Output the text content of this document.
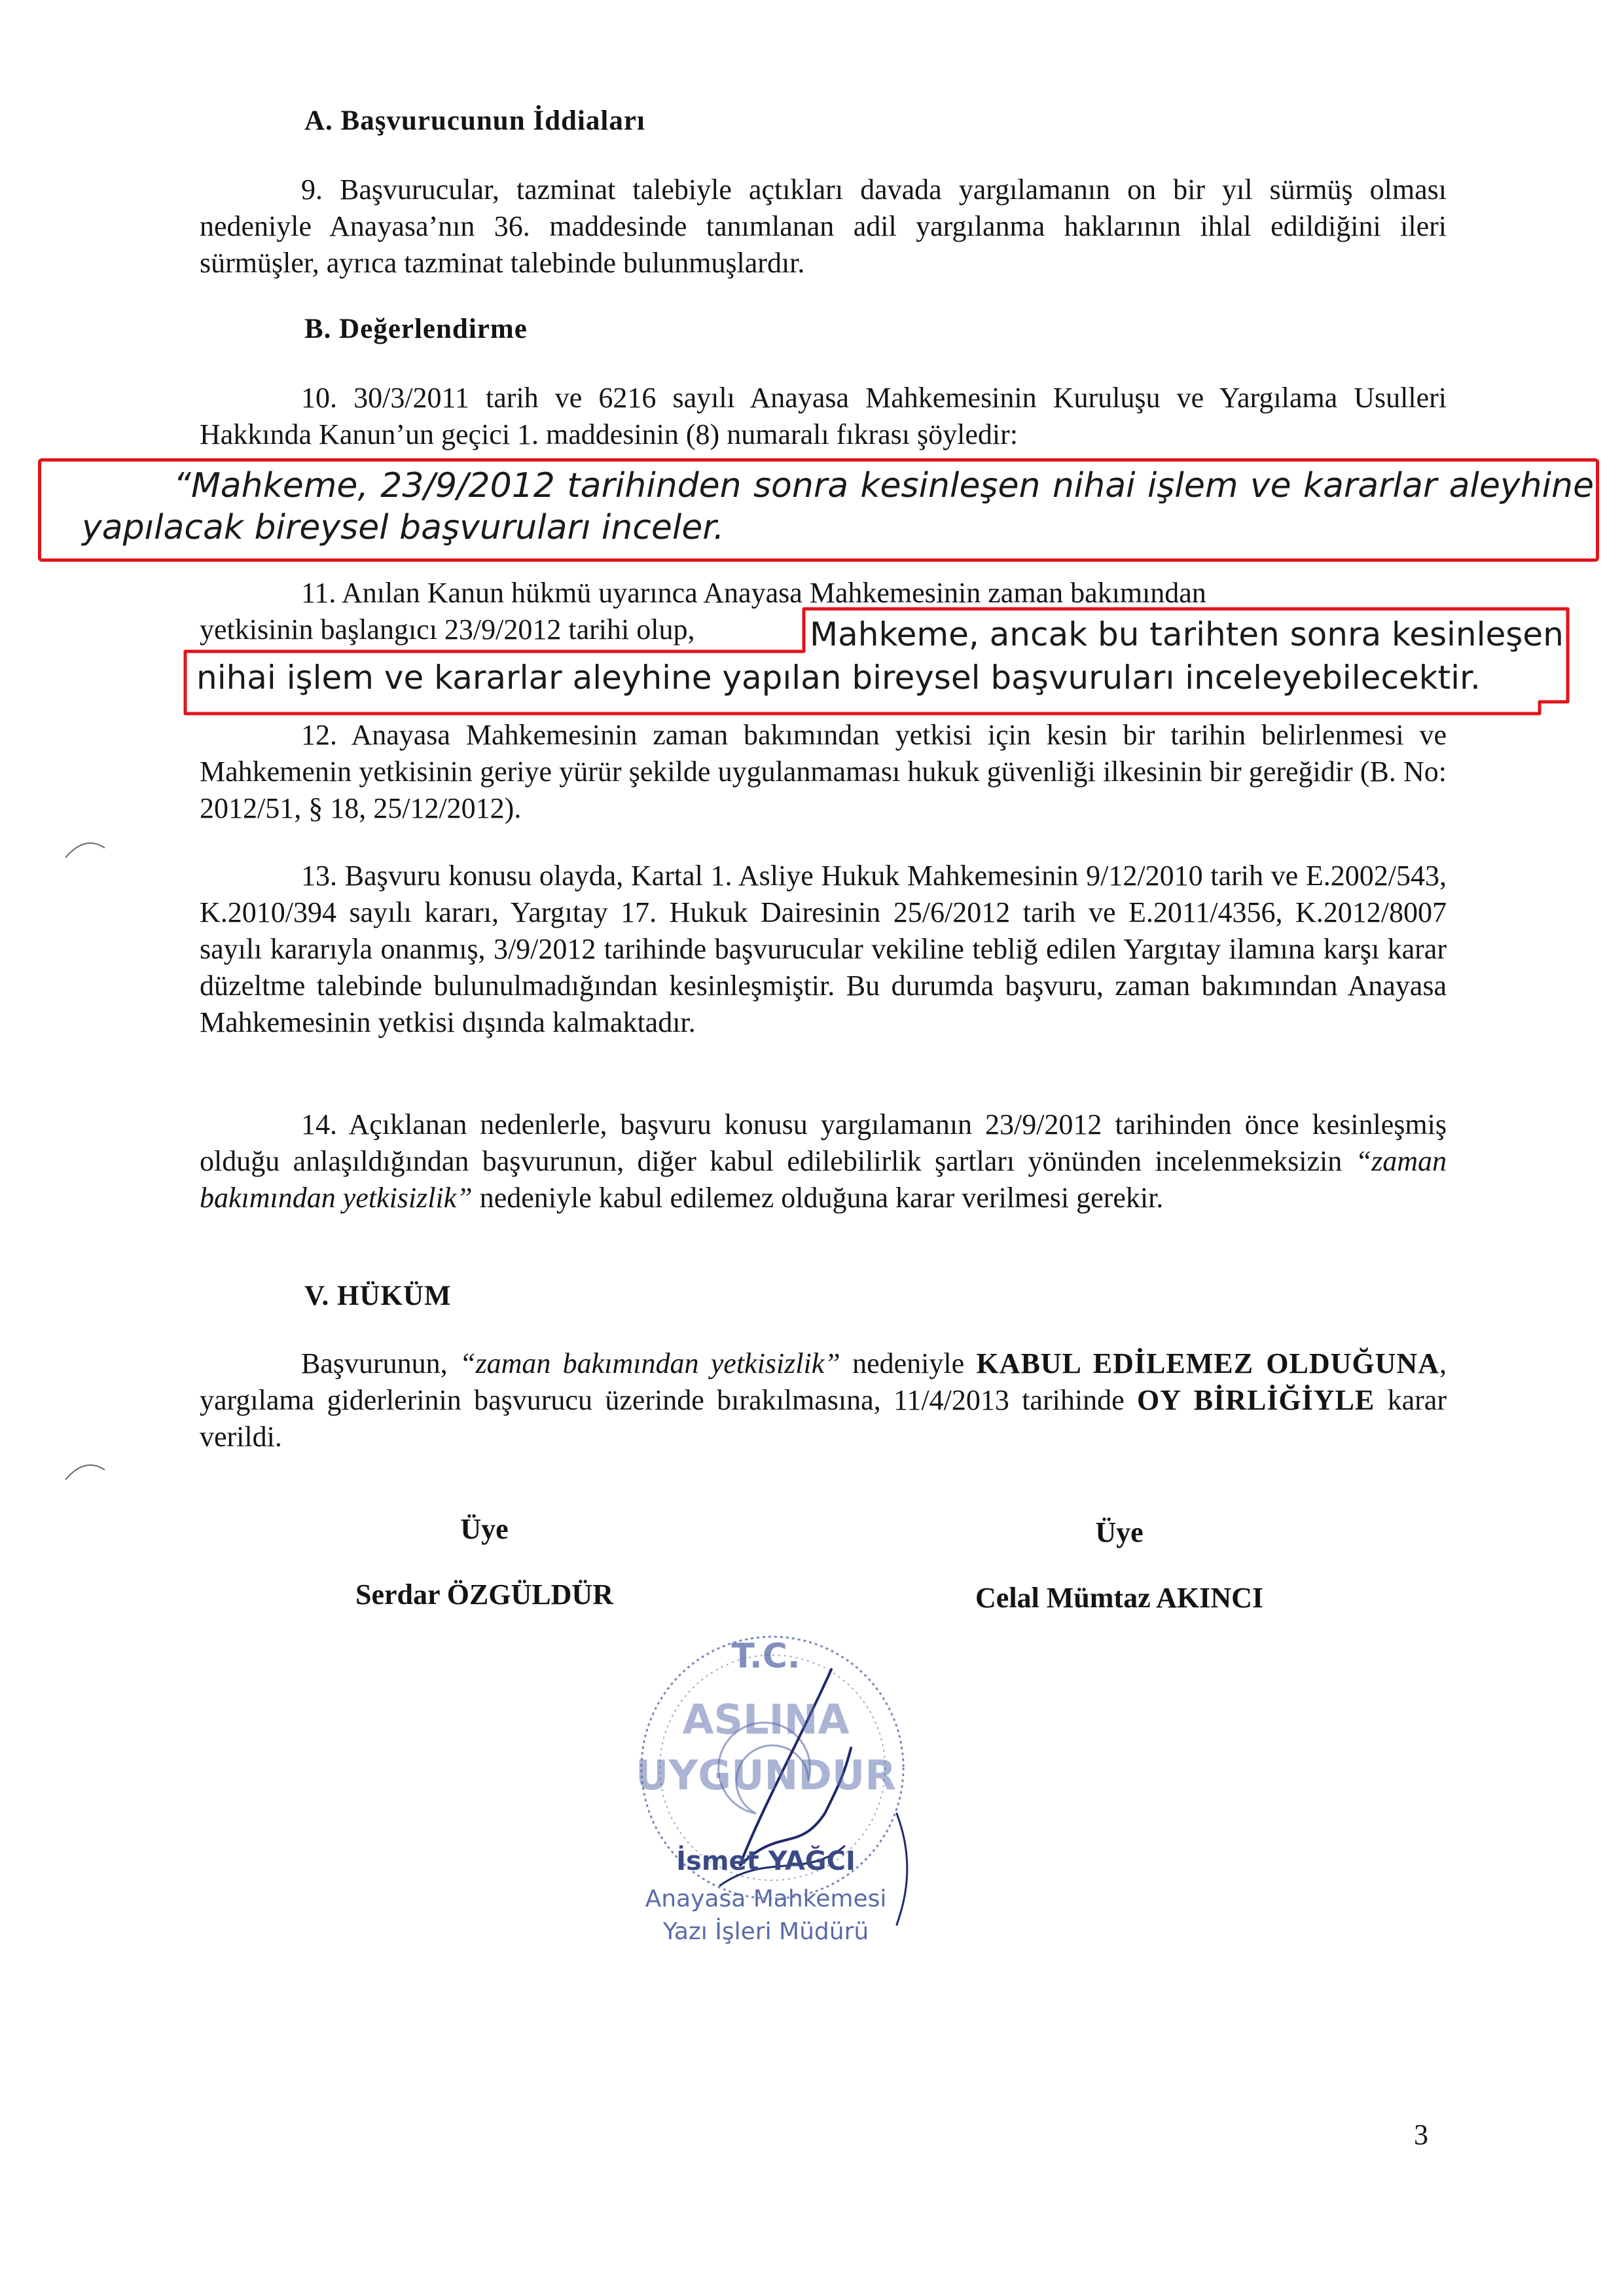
A. Başvurucunun İddiaları
9. Başvurucular, tazminat talebiyle açtıkları davada yargılamanın on bir yıl sürmüş olması nedeniyle Anayasa’nın 36. maddesinde tanımlanan adil yargılanma haklarının ihlal edildiğini ileri sürmüşler, ayrıca tazminat talebinde bulunmuşlardır.
B. Değerlendirme
10. 30/3/2011 tarih ve 6216 sayılı Anayasa Mahkemesinin Kuruluşu ve Yargılama Usulleri Hakkında Kanun’un geçici 1. maddesinin (8) numaralı fıkrası şöyledir:
“Mahkeme, 23/9/2012 tarihinden sonra kesinleşen nihai işlem ve kararlar aleyhine yapılacak bireysel başvuruları inceler.
11. Anılan Kanun hükmü uyarınca Anayasa Mahkemesinin zaman bakımından
yetkisinin başlangıcı 23/9/2012 tarihi olup,	Mahkeme, ancak bu tarihten sonra kesinleşen
nihai işlem ve kararlar aleyhine yapılan bireysel başvuruları inceleyebilecektir.
12. Anayasa Mahkemesinin zaman bakımından yetkisi için kesin bir tarihin belirlenmesi ve Mahkemenin yetkisinin geriye yürür şekilde uygulanmaması hukuk güvenliği ilkesinin bir gereğidir (B. No: 2012/51, § 18, 25/12/2012).
13. Başvuru konusu olayda, Kartal 1. Asliye Hukuk Mahkemesinin 9/12/2010 tarih ve E.2002/543, K.2010/394 sayılı kararı, Yargıtay 17. Hukuk Dairesinin 25/6/2012 tarih ve E.2011/4356, K.2012/8007 sayılı kararıyla onanmış, 3/9/2012 tarihinde başvurucular vekiline tebliğ edilen Yargıtay ilamına karşı karar düzeltme talebinde bulunulmadığından kesinleşmiştir. Bu durumda başvuru, zaman bakımından Anayasa Mahkemesinin yetkisi dışında kalmaktadır.
14. Açıklanan nedenlerle, başvuru konusu yargılamanın 23/9/2012 tarihinden önce kesinleşmiş olduğu anlaşıldığından başvurunun, diğer kabul edilebilirlik şartları yönünden incelenmeksizin “zaman bakımından yetkisizlik” nedeniyle kabul edilemez olduğuna karar verilmesi gerekir.
V. HÜKÜM
Başvurunun, “zaman bakımından yetkisizlik” nedeniyle KABUL EDİLEMEZ OLDUĞUNA, yargılama giderlerinin başvurucu üzerinde bırakılmasına, 11/4/2013 tarihinde OY BİRLİĞİYLE karar verildi.
Üye
Serdar ÖZGÜLDÜR
Üye
Celal Mümtaz AKINCI
T.C.
ASLINA
UYGUNDUR
İsmet YAĞCI
Anayasa Mahkemesi
Yazı İşleri Müdürü
3
